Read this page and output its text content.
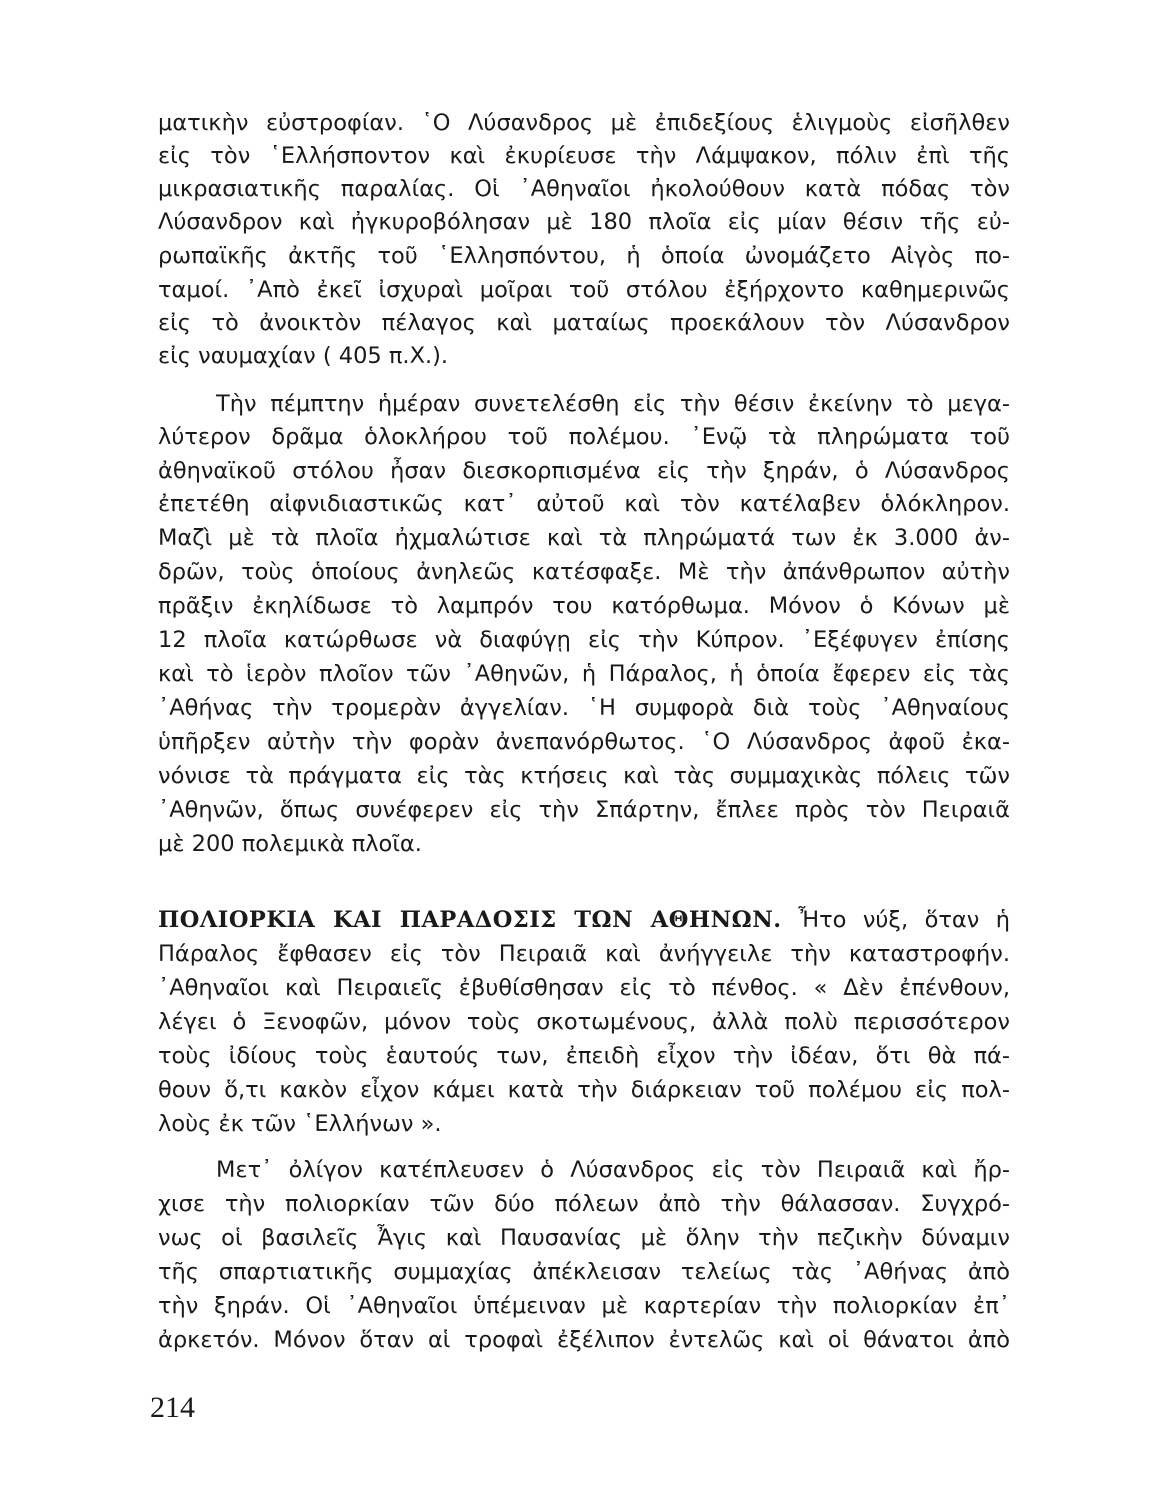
ματικὴν εὐστροφίαν. ῾Ο Λύσανδρος μὲ ἐπιδεξίους ἑλιγμοὺς εἰσῆλθεν
εἰς τὸν ῾Ελλήσποντον καὶ ἐκυρίευσε τὴν Λάμψακον, πόλιν ἐπὶ τῆς
μικρασιατικῆς παραλίας. Οἱ ᾿Αθηναῖοι ἠκολούθουν κατὰ πόδας τὸν
Λύσανδρον καὶ ἠγκυροβόλησαν μὲ 180 πλοῖα εἰς μίαν θέσιν τῆς εὐ-
ρωπαϊκῆς ἀκτῆς τοῦ ῾Ελλησπόντου, ἡ ὁποία ὠνομάζετο Αἰγὸς πο-
ταμοί. ᾿Απὸ ἐκεῖ ἰσχυραὶ μοῖραι τοῦ στόλου ἐξήρχοντο καθημερινῶς
εἰς τὸ ἀνοικτὸν πέλαγος καὶ ματαίως προεκάλουν τὸν Λύσανδρον
εἰς ναυμαχίαν ( 405 π.Χ.).
Τὴν πέμπτην ἡμέραν συνετελέσθη εἰς τὴν θέσιν ἐκείνην τὸ μεγα-
λύτερον δρᾶμα ὁλοκλήρου τοῦ πολέμου. ᾿Ενῷ τὰ πληρώματα τοῦ
ἀθηναϊκοῦ στόλου ἦσαν διεσκορπισμένα εἰς τὴν ξηράν, ὁ Λύσανδρος
ἐπετέθη αἰφνιδιαστικῶς κατ᾿ αὐτοῦ καὶ τὸν κατέλαβεν ὁλόκληρον.
Μαζὶ μὲ τὰ πλοῖα ἠχμαλώτισε καὶ τὰ πληρώματά των ἐκ 3.000 ἀν-
δρῶν, τοὺς ὁποίους ἀνηλεῶς κατέσφαξε. Μὲ τὴν ἀπάνθρωπον αὐτὴν
πρᾶξιν ἐκηλίδωσε τὸ λαμπρόν του κατόρθωμα. Μόνον ὁ Κόνων μὲ
12 πλοῖα κατώρθωσε νὰ διαφύγῃ εἰς τὴν Κύπρον. ᾿Εξέφυγεν ἐπίσης
καὶ τὸ ἱερὸν πλοῖον τῶν ᾿Αθηνῶν, ἡ Πάραλος, ἡ ὁποία ἔφερεν εἰς τὰς
᾿Αθήνας τὴν τρομερὰν ἀγγελίαν. ῾Η συμφορὰ διὰ τοὺς ᾿Αθηναίους
ὑπῆρξεν αὐτὴν τὴν φορὰν ἀνεπανόρθωτος. ῾Ο Λύσανδρος ἀφοῦ ἐκα-
νόνισε τὰ πράγματα εἰς τὰς κτήσεις καὶ τὰς συμμαχικὰς πόλεις τῶν
᾿Αθηνῶν, ὅπως συνέφερεν εἰς τὴν Σπάρτην, ἔπλεε πρὸς τὸν Πειραιᾶ
μὲ 200 πολεμικὰ πλοῖα.
ΠΟΛΙΟΡΚΙΑ ΚΑΙ ΠΑΡΑΔΟΣΙΣ ΤΩΝ ΑΘΗΝΩΝ. Ἦτο νύξ, ὅταν ἡ
Πάραλος ἔφθασεν εἰς τὸν Πειραιᾶ καὶ ἀνήγγειλε τὴν καταστροφήν.
᾿Αθηναῖοι καὶ Πειραιεῖς ἐβυθίσθησαν εἰς τὸ πένθος. « Δὲν ἐπένθουν,
λέγει ὁ Ξενοφῶν, μόνον τοὺς σκοτωμένους, ἀλλὰ πολὺ περισσότερον
τοὺς ἰδίους τοὺς ἑαυτούς των, ἐπειδὴ εἶχον τὴν ἰδέαν, ὅτι θὰ πά-
θουν ὅ,τι κακὸν εἶχον κάμει κατὰ τὴν διάρκειαν τοῦ πολέμου εἰς πολ-
λοὺς ἐκ τῶν ῾Ελλήνων ».
Μετ᾿ ὀλίγον κατέπλευσεν ὁ Λύσανδρος εἰς τὸν Πειραιᾶ καὶ ἤρ-
χισε τὴν πολιορκίαν τῶν δύο πόλεων ἀπὸ τὴν θάλασσαν. Συγχρό-
νως οἱ βασιλεῖς Ἆγις καὶ Παυσανίας μὲ ὅλην τὴν πεζικὴν δύναμιν
τῆς σπαρτιατικῆς συμμαχίας ἀπέκλεισαν τελείως τὰς ᾿Αθήνας ἀπὸ
τὴν ξηράν. Οἱ ᾿Αθηναῖοι ὑπέμειναν μὲ καρτερίαν τὴν πολιορκίαν ἐπ᾿
ἀρκετόν. Μόνον ὅταν αἱ τροφαὶ ἐξέλιπον ἐντελῶς καὶ οἱ θάνατοι ἀπὸ
214
